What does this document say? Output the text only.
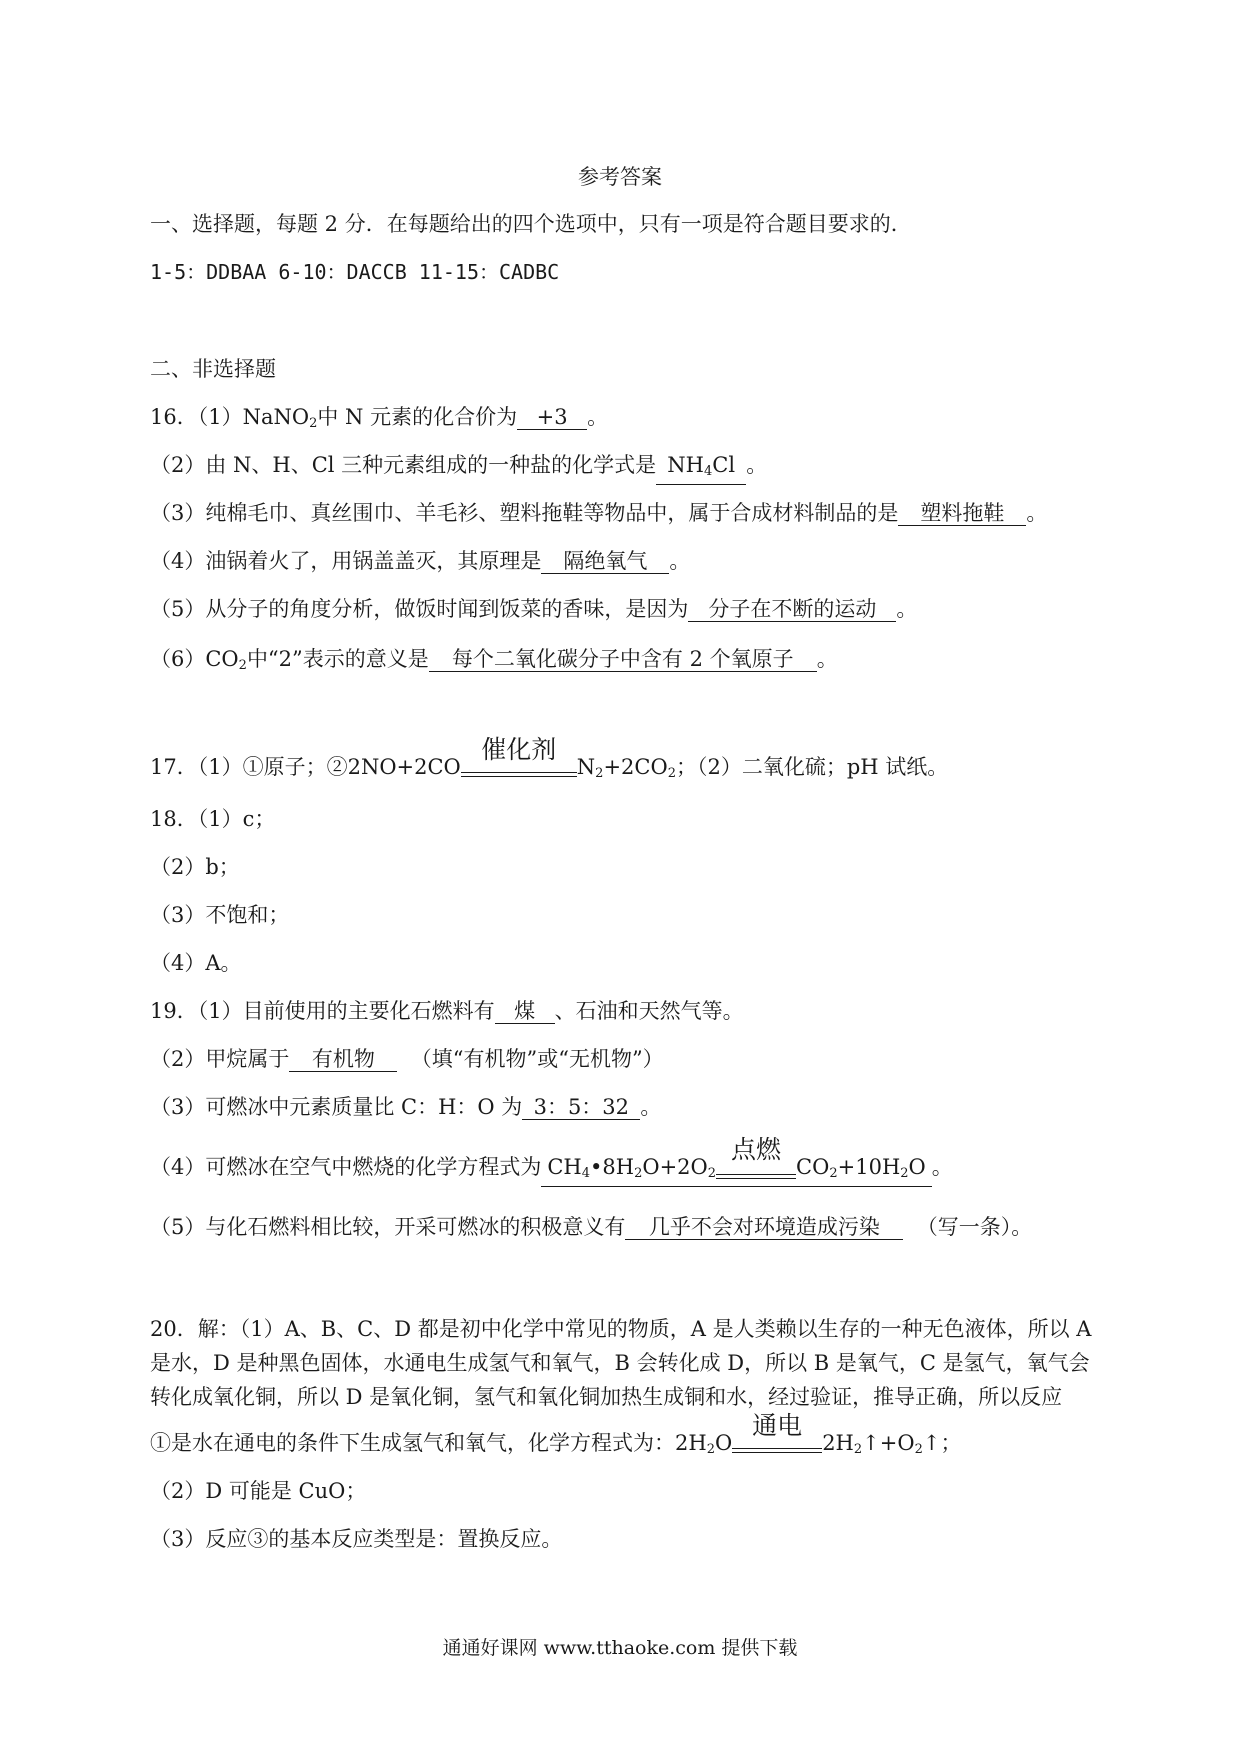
参考答案
一、选择题，每题 2 分．在每题给出的四个选项中，只有一项是符合题目要求的．
1-5：DDBAA 6-10：DACCB 11-15：CADBC
二、非选择题
16．（1）NaNO$_2$中 N 元素的化合价为 +3 。
（2）由 N、H、Cl 三种元素组成的一种盐的化学式是 $NH_4Cl$ 。
（3）纯棉毛巾、真丝围巾、羊毛衫、塑料拖鞋等物品中，属于合成材料制品的是 塑料拖鞋 。
（4）油锅着火了，用锅盖盖灭，其原理是 隔绝氧气 。
（5）从分子的角度分析，做饭时闻到饭菜的香味，是因为 分子在不断的运动 。
$(6)CO_2$中“2”表示的意义是 每个二氧化碳分子中含有 2 个氧原子 。
17．（1）①原子；②2NO+2CO
催化剂
$N_2+2CO_2$；（2）二氧化硫；pH 试纸。
18．（1）c；
（2）b；
（3）不饱和；
（4）A。
19．（1）目前使用的主要化石燃料有 煤 、石油和天然气等。
（2）甲烷属于 有机物 （填“有机物”或“无机物”）
（3）可燃冰中元素质量比 C：H：O 为 3：5：32 。
（4）可燃冰在空气中燃烧的化学方程式为 $CH_4•8H_2O+2O_2$
点燃
$CO_2+10H_2O$ 。
（5）与化石燃料相比较，开采可燃冰的积极意义有 几乎不会对环境造成污染 （写一条）。
20．解：（1）A、B、C、D 都是初中化学中常见的物质，A 是人类赖以生存的一种无色液体，所以 A
是水，D 是种黑色固体，水通电生成氢气和氧气，B 会转化成 D，所以 B 是氧气，C 是氢气，氧气会
转化成氧化铜，所以 D 是氧化铜，氢气和氧化铜加热生成铜和水，经过验证，推导正确，所以反应
①是水在通电的条件下生成氢气和氧气，化学方程式为：$2H_2O$
通电
$2H_2↑+O_2↑$；
（2）D 可能是 CuO；
（3）反应③的基本反应类型是：置换反应。
通通好课网 www.tthaoke.com 提供下载
